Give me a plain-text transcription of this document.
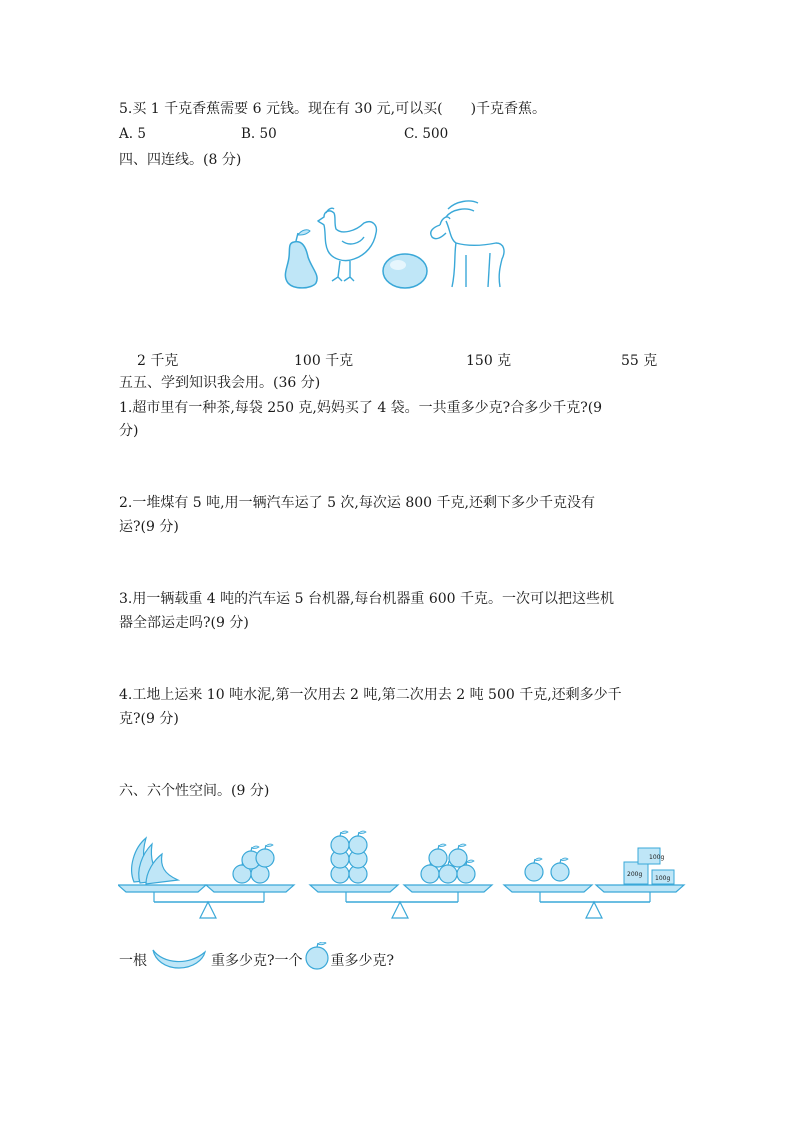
5.买 1 千克香蕉需要 6 元钱。现在有 30 元,可以买(　　)千克香蕉。
A. 5	B. 50	C. 500
四、四连线。(8 分)
2 千克	100 千克	150 克	55 克
五五、学到知识我会用。(36 分)
1.超市里有一种茶,每袋 250 克,妈妈买了 4 袋。一共重多少克?合多少千克?(9
分)
2.一堆煤有 5 吨,用一辆汽车运了 5 次,每次运 800 千克,还剩下多少千克没有
运?(9 分)
3.用一辆载重 4 吨的汽车运 5 台机器,每台机器重 600 千克。一次可以把这些机
器全部运走吗?(9 分)
4.工地上运来 10 吨水泥,第一次用去 2 吨,第二次用去 2 吨 500 千克,还剩多少千
克?(9 分)
六、六个性空间。(9 分)
100g
200g
100g
一根	重多少克?一个 重多少克?
